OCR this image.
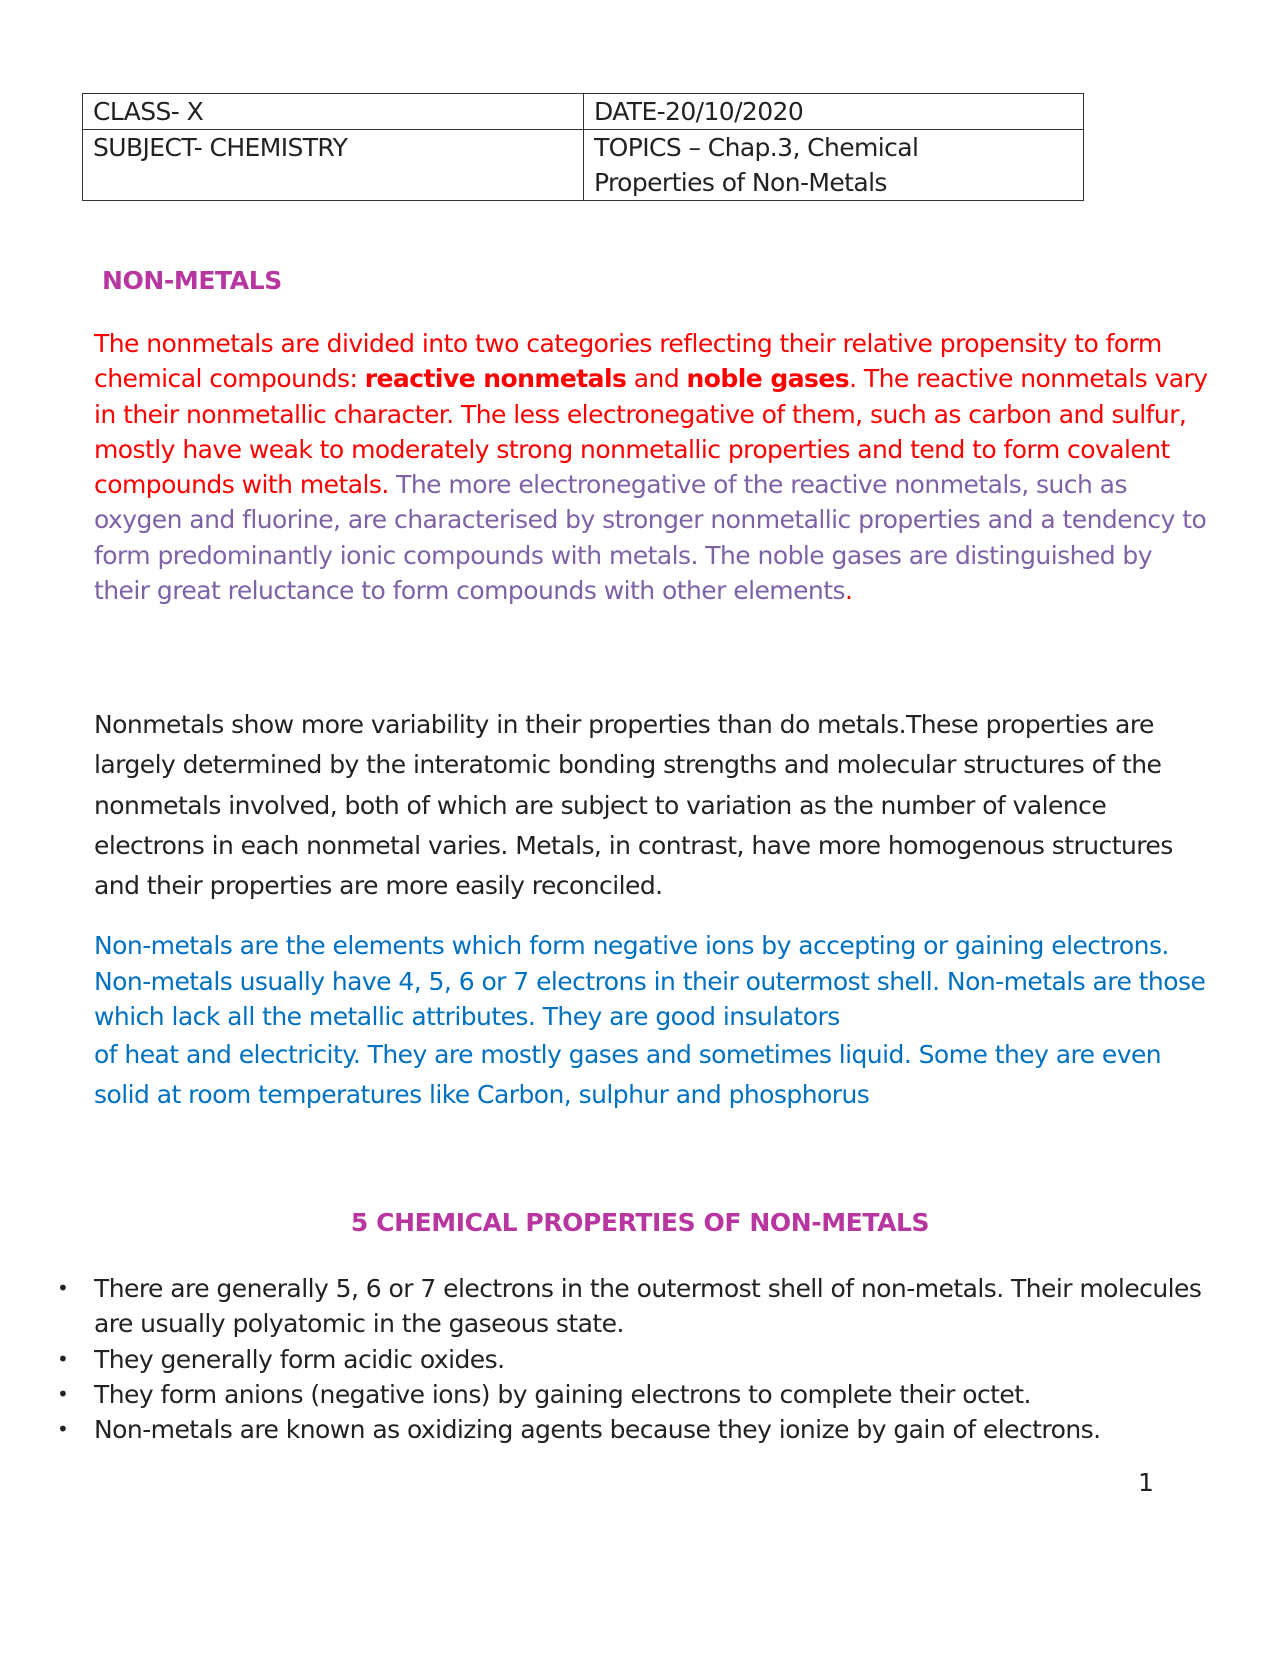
CLASS- X	DATE-20/10/2020
SUBJECT- CHEMISTRY	TOPICS – Chap.3, Chemical
Properties of Non-Metals
NON-METALS
The nonmetals are divided into two categories reflecting their relative propensity to form chemical compounds: reactive nonmetals and noble gases. The reactive nonmetals vary in their nonmetallic character. The less electronegative of them, such as carbon and sulfur, mostly have weak to moderately strong nonmetallic properties and tend to form covalent compounds with metals. The more electronegative of the reactive nonmetals, such as oxygen and fluorine, are characterised by stronger nonmetallic properties and a tendency to form predominantly ionic compounds with metals. The noble gases are distinguished by their great reluctance to form compounds with other elements.
Nonmetals show more variability in their properties than do metals.These properties are largely determined by the interatomic bonding strengths and molecular structures of the nonmetals involved, both of which are subject to variation as the number of valence electrons in each nonmetal varies. Metals, in contrast, have more homogenous structures and their properties are more easily reconciled.
Non-metals are the elements which form negative ions by accepting or gaining electrons. Non-metals usually have 4, 5, 6 or 7 electrons in their outermost shell. Non-metals are those which lack all the metallic attributes. They are good insulators
of heat and electricity. They are mostly gases and sometimes liquid. Some they are even solid at room temperatures like Carbon, sulphur and phosphorus
5 CHEMICAL PROPERTIES OF NON-METALS
• There are generally 5, 6 or 7 electrons in the outermost shell of non-metals. Their molecules are usually polyatomic in the gaseous state.
• They generally form acidic oxides.
• They form anions (negative ions) by gaining electrons to complete their octet.
• Non-metals are known as oxidizing agents because they ionize by gain of electrons.
1
